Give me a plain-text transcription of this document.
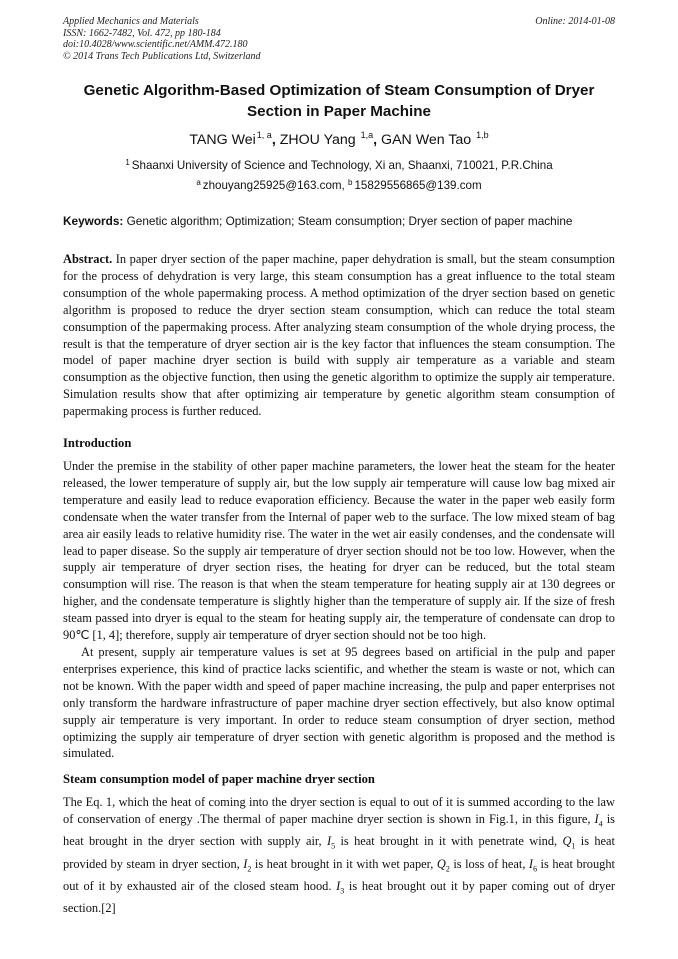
Applied Mechanics and Materials
ISSN: 1662-7482, Vol. 472, pp 180-184
doi:10.4028/www.scientific.net/AMM.472.180
© 2014 Trans Tech Publications Ltd, Switzerland
Online: 2014-01-08
Genetic Algorithm-Based Optimization of Steam Consumption of Dryer Section in Paper Machine
TANG Wei$^{1, a}$, ZHOU Yang $^{1,a}$, GAN Wen Tao $^{1,b}$
$^1$ Shaanxi University of Science and Technology, Xi an, Shaanxi, 710021, P.R.China
$^a$ zhouyang25925@163.com, $^b$ 15829556865@139.com
Keywords: Genetic algorithm; Optimization; Steam consumption; Dryer section of paper machine

Abstract. In paper dryer section of the paper machine, paper dehydration is small, but the steam consumption for the process of dehydration is very large, this steam consumption has a great influence to the total steam consumption of the whole papermaking process. A method optimization of the dryer section based on genetic algorithm is proposed to reduce the dryer section steam consumption, which can reduce the total steam consumption of the papermaking process. After analyzing steam consumption of the whole drying process, the result is that the temperature of dryer section air is the key factor that influences the steam consumption. The model of paper machine dryer section is build with supply air temperature as a variable and steam consumption as the objective function, then using the genetic algorithm to optimize the supply air temperature. Simulation results show that after optimizing air temperature by genetic algorithm steam consumption of papermaking process is further reduced.

Introduction

Under the premise in the stability of other paper machine parameters, the lower heat the steam for the heater released, the lower temperature of supply air, but the low supply air temperature will cause low bag mixed air temperature and easily lead to reduce evaporation efficiency. Because the water in the paper web easily form condensate when the water transfer from the Internal of paper web to the surface. The low mixed steam of bag area air easily leads to relative humidity rise. The water in the wet air easily condenses, and the condensate will lead to paper disease. So the supply air temperature of dryer section should not be too low. However, when the supply air temperature of dryer section rises, the heating for dryer can be reduced, but the total steam consumption will rise. The reason is that when the steam temperature for heating supply air at 130 degrees or higher, and the condensate temperature is slightly higher than the temperature of supply air. If the size of fresh steam passed into dryer is equal to the steam for heating supply air, the temperature of condensate can drop to 90℃ [1, 4]; therefore, supply air temperature of dryer section should not be too high.

At present, supply air temperature values is set at 95 degrees based on artificial in the pulp and paper enterprises experience, this kind of practice lacks scientific, and whether the steam is waste or not, which can not be known. With the paper width and speed of paper machine increasing, the pulp and paper enterprises not only transform the hardware infrastructure of paper machine dryer section effectively, but also know optimal supply air temperature is very important. In order to reduce steam consumption of dryer section, method optimizing the supply air temperature of dryer section with genetic algorithm is proposed and the method is simulated.

Steam consumption model of paper machine dryer section

The Eq. 1, which the heat of coming into the dryer section is equal to out of it is summed according to the law of conservation of energy .The thermal of paper machine dryer section is shown in Fig.1, in this figure, $I_4$ is heat brought in the dryer section with supply air, $I_5$ is heat brought in it with penetrate wind, $Q_1$ is heat provided by steam in dryer section, $I_2$ is heat brought in it with wet paper, $Q_2$ is loss of heat, $I_6$ is heat brought out of it by exhausted air of the closed steam hood. $I_3$ is heat brought out it by paper coming out of dryer section.[2]
